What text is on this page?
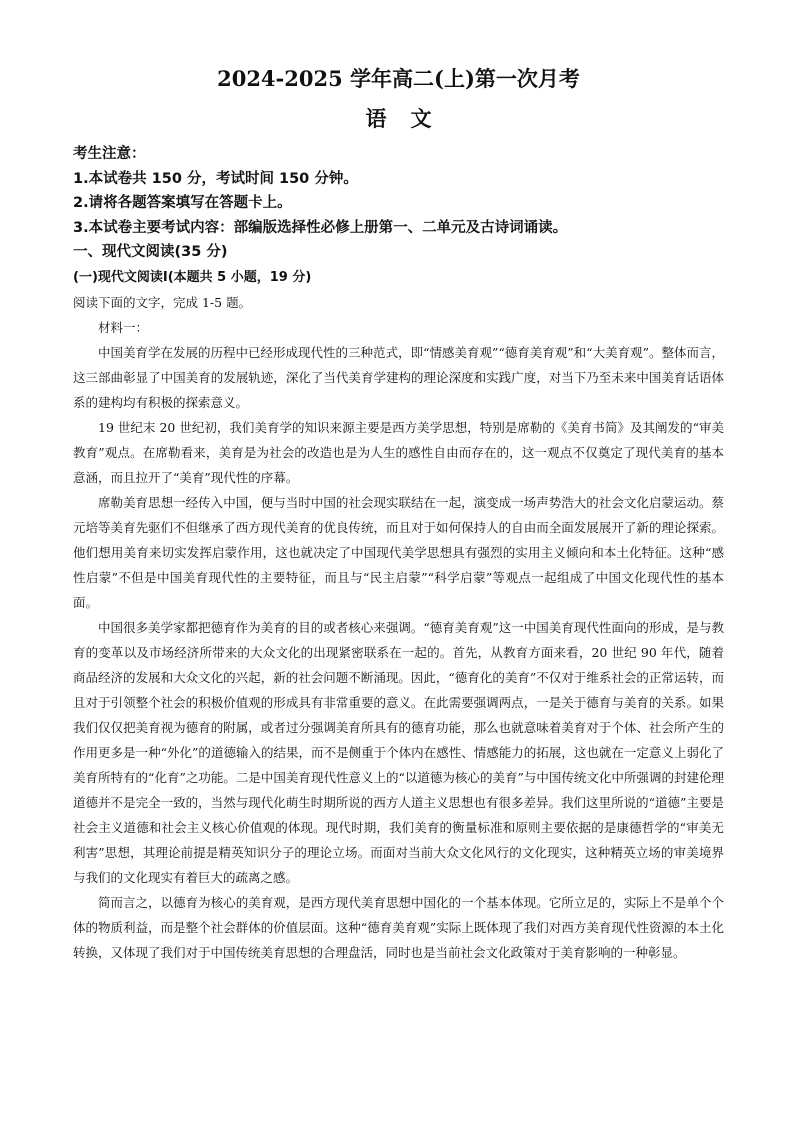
2024-2025 学年高二(上)第一次月考
语文

考生注意：

1.本试卷共 150 分，考试时间 150 分钟。

2.请将各题答案填写在答题卡上。

3.本试卷主要考试内容：部编版选择性必修上册第一、二单元及古诗词诵读。

一、现代文阅读(35 分)

(一)现代文阅读Ⅰ(本题共 5 小题，19 分)

阅读下面的文字，完成 1-5 题。

材料一：

中国美育学在发展的历程中已经形成现代性的三种范式，即“情感美育观”“德育美育观”和“大美育观”。整体而言，这三部曲彰显了中国美育的发展轨迹，深化了当代美育学建构的理论深度和实践广度，对当下乃至未来中国美育话语体系的建构均有积极的探索意义。

19 世纪末 20 世纪初，我们美育学的知识来源主要是西方美学思想，特别是席勒的《美育书简》及其阐发的“审美教育”观点。在席勒看来，美育是为社会的改造也是为人生的感性自由而存在的，这一观点不仅奠定了现代美育的基本意涵，而且拉开了“美育”现代性的序幕。

席勒美育思想一经传入中国，便与当时中国的社会现实联结在一起，演变成一场声势浩大的社会文化启蒙运动。蔡元培等美育先驱们不但继承了西方现代美育的优良传统，而且对于如何保持人的自由而全面发展展开了新的理论探索。他们想用美育来切实发挥启蒙作用，这也就决定了中国现代美学思想具有强烈的实用主义倾向和本土化特征。这种“感性启蒙”不但是中国美育现代性的主要特征，而且与“民主启蒙”“科学启蒙”等观点一起组成了中国文化现代性的基本面。

中国很多美学家都把德育作为美育的目的或者核心来强调。“德育美育观”这一中国美育现代性面向的形成，是与教育的变革以及市场经济所带来的大众文化的出现紧密联系在一起的。首先，从教育方面来看，20 世纪 90 年代，随着商品经济的发展和大众文化的兴起，新的社会问题不断涌现。因此，“德育化的美育”不仅对于维系社会的正常运转，而且对于引领整个社会的积极价值观的形成具有非常重要的意义。在此需要强调两点，一是关于德育与美育的关系。如果我们仅仅把美育视为德育的附属，或者过分强调美育所具有的德育功能，那么也就意味着美育对于个体、社会所产生的作用更多是一种“外化”的道德输入的结果，而不是侧重于个体内在感性、情感能力的拓展，这也就在一定意义上弱化了美育所特有的“化育”之功能。二是中国美育现代性意义上的“以道德为核心的美育”与中国传统文化中所强调的封建伦理道德并不是完全一致的，当然与现代化萌生时期所说的西方人道主义思想也有很多差异。我们这里所说的“道德”主要是社会主义道德和社会主义核心价值观的体现。现代时期，我们美育的衡量标准和原则主要依据的是康德哲学的“审美无利害”思想，其理论前提是精英知识分子的理论立场。而面对当前大众文化风行的文化现实，这种精英立场的审美境界与我们的文化现实有着巨大的疏离之感。

简而言之，以德育为核心的美育观，是西方现代美育思想中国化的一个基本体现。它所立足的，实际上不是单个个体的物质利益，而是整个社会群体的价值层面。这种“德育美育观”实际上既体现了我们对西方美育现代性资源的本土化转换，又体现了我们对于中国传统美育思想的合理盘活，同时也是当前社会文化政策对于美育影响的一种彰显。
